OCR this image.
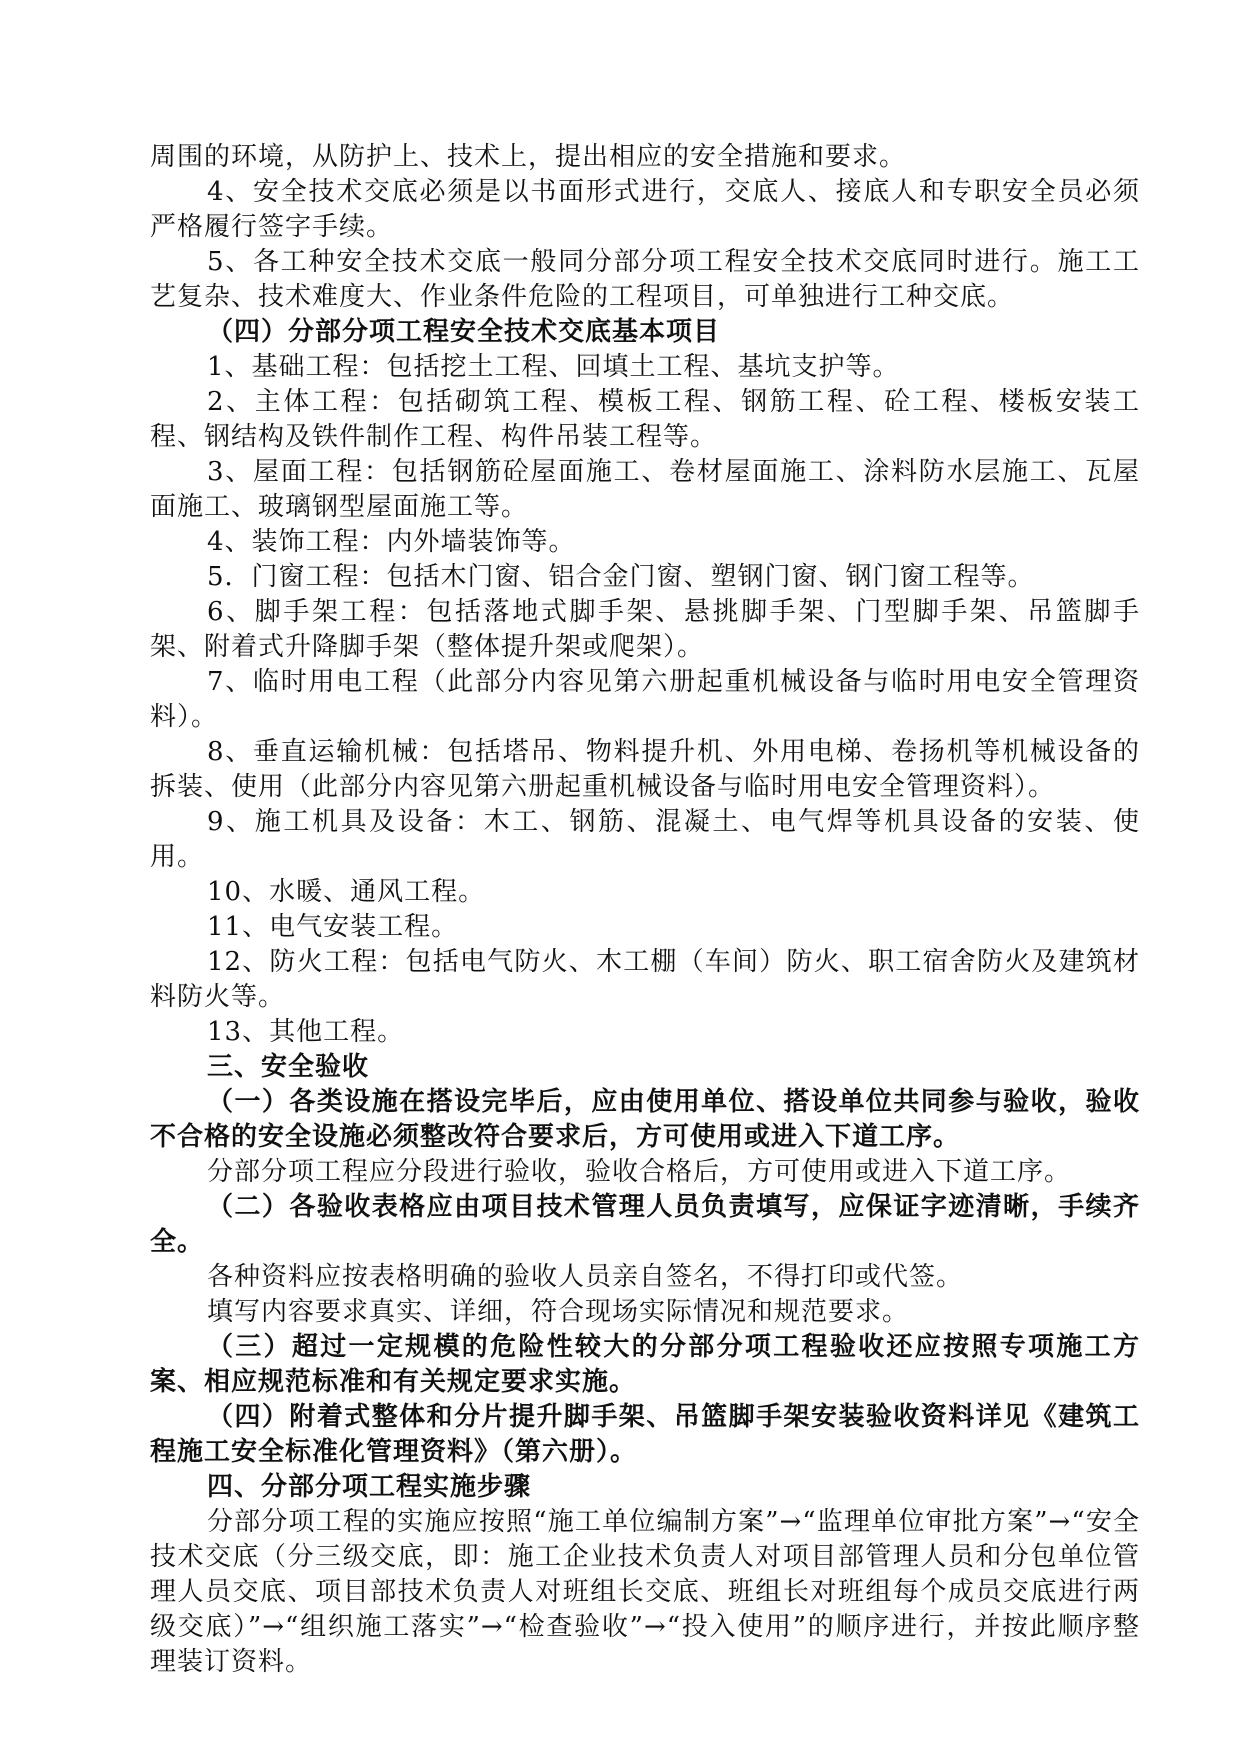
周围的环境，从防护上、技术上，提出相应的安全措施和要求。

4、安全技术交底必须是以书面形式进行，交底人、接底人和专职安全员必须严格履行签字手续。

5、各工种安全技术交底一般同分部分项工程安全技术交底同时进行。施工工艺复杂、技术难度大、作业条件危险的工程项目，可单独进行工种交底。

（四）分部分项工程安全技术交底基本项目

1、基础工程：包括挖土工程、回填土工程、基坑支护等。

2、主体工程：包括砌筑工程、模板工程、钢筋工程、砼工程、楼板安装工程、钢结构及铁件制作工程、构件吊装工程等。

3、屋面工程：包括钢筋砼屋面施工、卷材屋面施工、涂料防水层施工、瓦屋面施工、玻璃钢型屋面施工等。

4、装饰工程：内外墙装饰等。

5．门窗工程：包括木门窗、铝合金门窗、塑钢门窗、钢门窗工程等。

6、脚手架工程：包括落地式脚手架、悬挑脚手架、门型脚手架、吊篮脚手架、附着式升降脚手架（整体提升架或爬架）。

7、临时用电工程（此部分内容见第六册起重机械设备与临时用电安全管理资料）。

8、垂直运输机械：包括塔吊、物料提升机、外用电梯、卷扬机等机械设备的拆装、使用（此部分内容见第六册起重机械设备与临时用电安全管理资料）。

9、施工机具及设备：木工、钢筋、混凝土、电气焊等机具设备的安装、使用。

10、水暖、通风工程。

11、电气安装工程。

12、防火工程：包括电气防火、木工棚（车间）防火、职工宿舍防火及建筑材料防火等。

13、其他工程。

三、安全验收

（一）各类设施在搭设完毕后，应由使用单位、搭设单位共同参与验收，验收不合格的安全设施必须整改符合要求后，方可使用或进入下道工序。

分部分项工程应分段进行验收，验收合格后，方可使用或进入下道工序。

（二）各验收表格应由项目技术管理人员负责填写，应保证字迹清晰，手续齐全。

各种资料应按表格明确的验收人员亲自签名，不得打印或代签。

填写内容要求真实、详细，符合现场实际情况和规范要求。

（三）超过一定规模的危险性较大的分部分项工程验收还应按照专项施工方案、相应规范标准和有关规定要求实施。

（四）附着式整体和分片提升脚手架、吊篮脚手架安装验收资料详见《建筑工程施工安全标准化管理资料》（第六册）。

四、分部分项工程实施步骤

分部分项工程的实施应按照“施工单位编制方案”→“监理单位审批方案”→“安全技术交底（分三级交底，即：施工企业技术负责人对项目部管理人员和分包单位管理人员交底、项目部技术负责人对班组长交底、班组长对班组每个成员交底进行两级交底）”→“组织施工落实”→“检查验收”→“投入使用”的顺序进行，并按此顺序整理装订资料。
